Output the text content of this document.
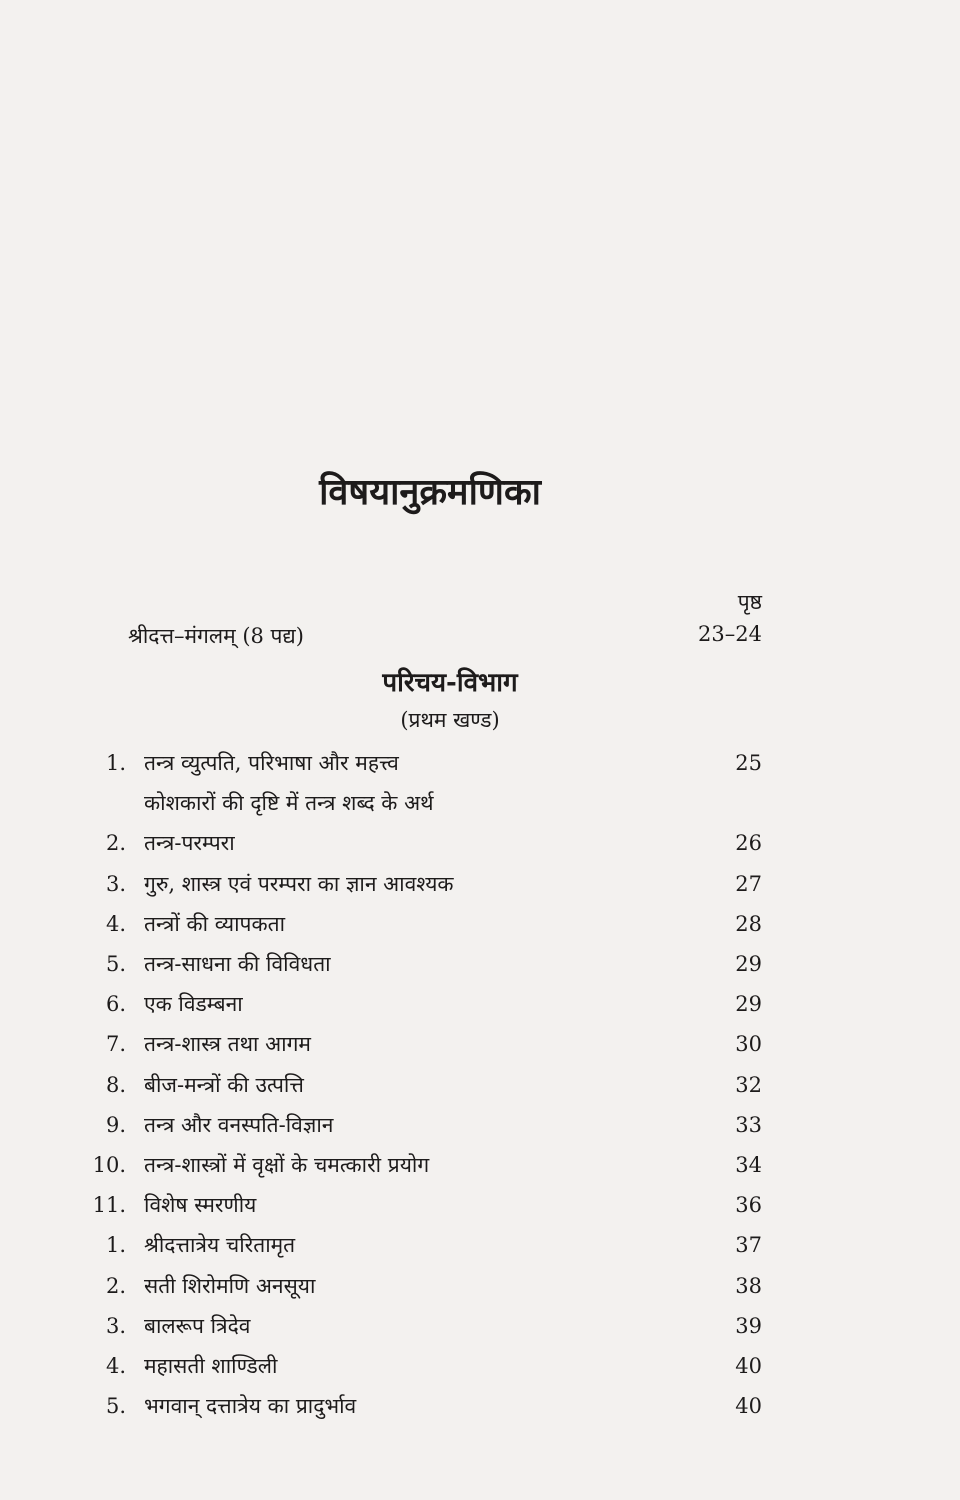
विषयानुक्रमणिका
पृष्ठ
श्रीदत्त–मंगलम् (8 पद्य)	23–24
परिचय-विभाग
(प्रथम खण्ड)
1. तन्त्र व्युत्पति, परिभाषा और महत्त्व	25
कोशकारों की दृष्टि में तन्त्र शब्द के अर्थ
2. तन्त्र-परम्परा	26
3. गुरु, शास्त्र एवं परम्परा का ज्ञान आवश्यक	27
4. तन्त्रों की व्यापकता	28
5. तन्त्र-साधना की विविधता	29
6. एक विडम्बना	29
7. तन्त्र-शास्त्र तथा आगम	30
8. बीज-मन्त्रों की उत्पत्ति	32
9. तन्त्र और वनस्पति-विज्ञान	33
10. तन्त्र-शास्त्रों में वृक्षों के चमत्कारी प्रयोग	34
11. विशेष स्मरणीय	36
1. श्रीदत्तात्रेय चरितामृत	37
2. सती शिरोमणि अनसूया	38
3. बालरूप त्रिदेव	39
4. महासती शाण्डिली	40
5. भगवान् दत्तात्रेय का प्रादुर्भाव	40
